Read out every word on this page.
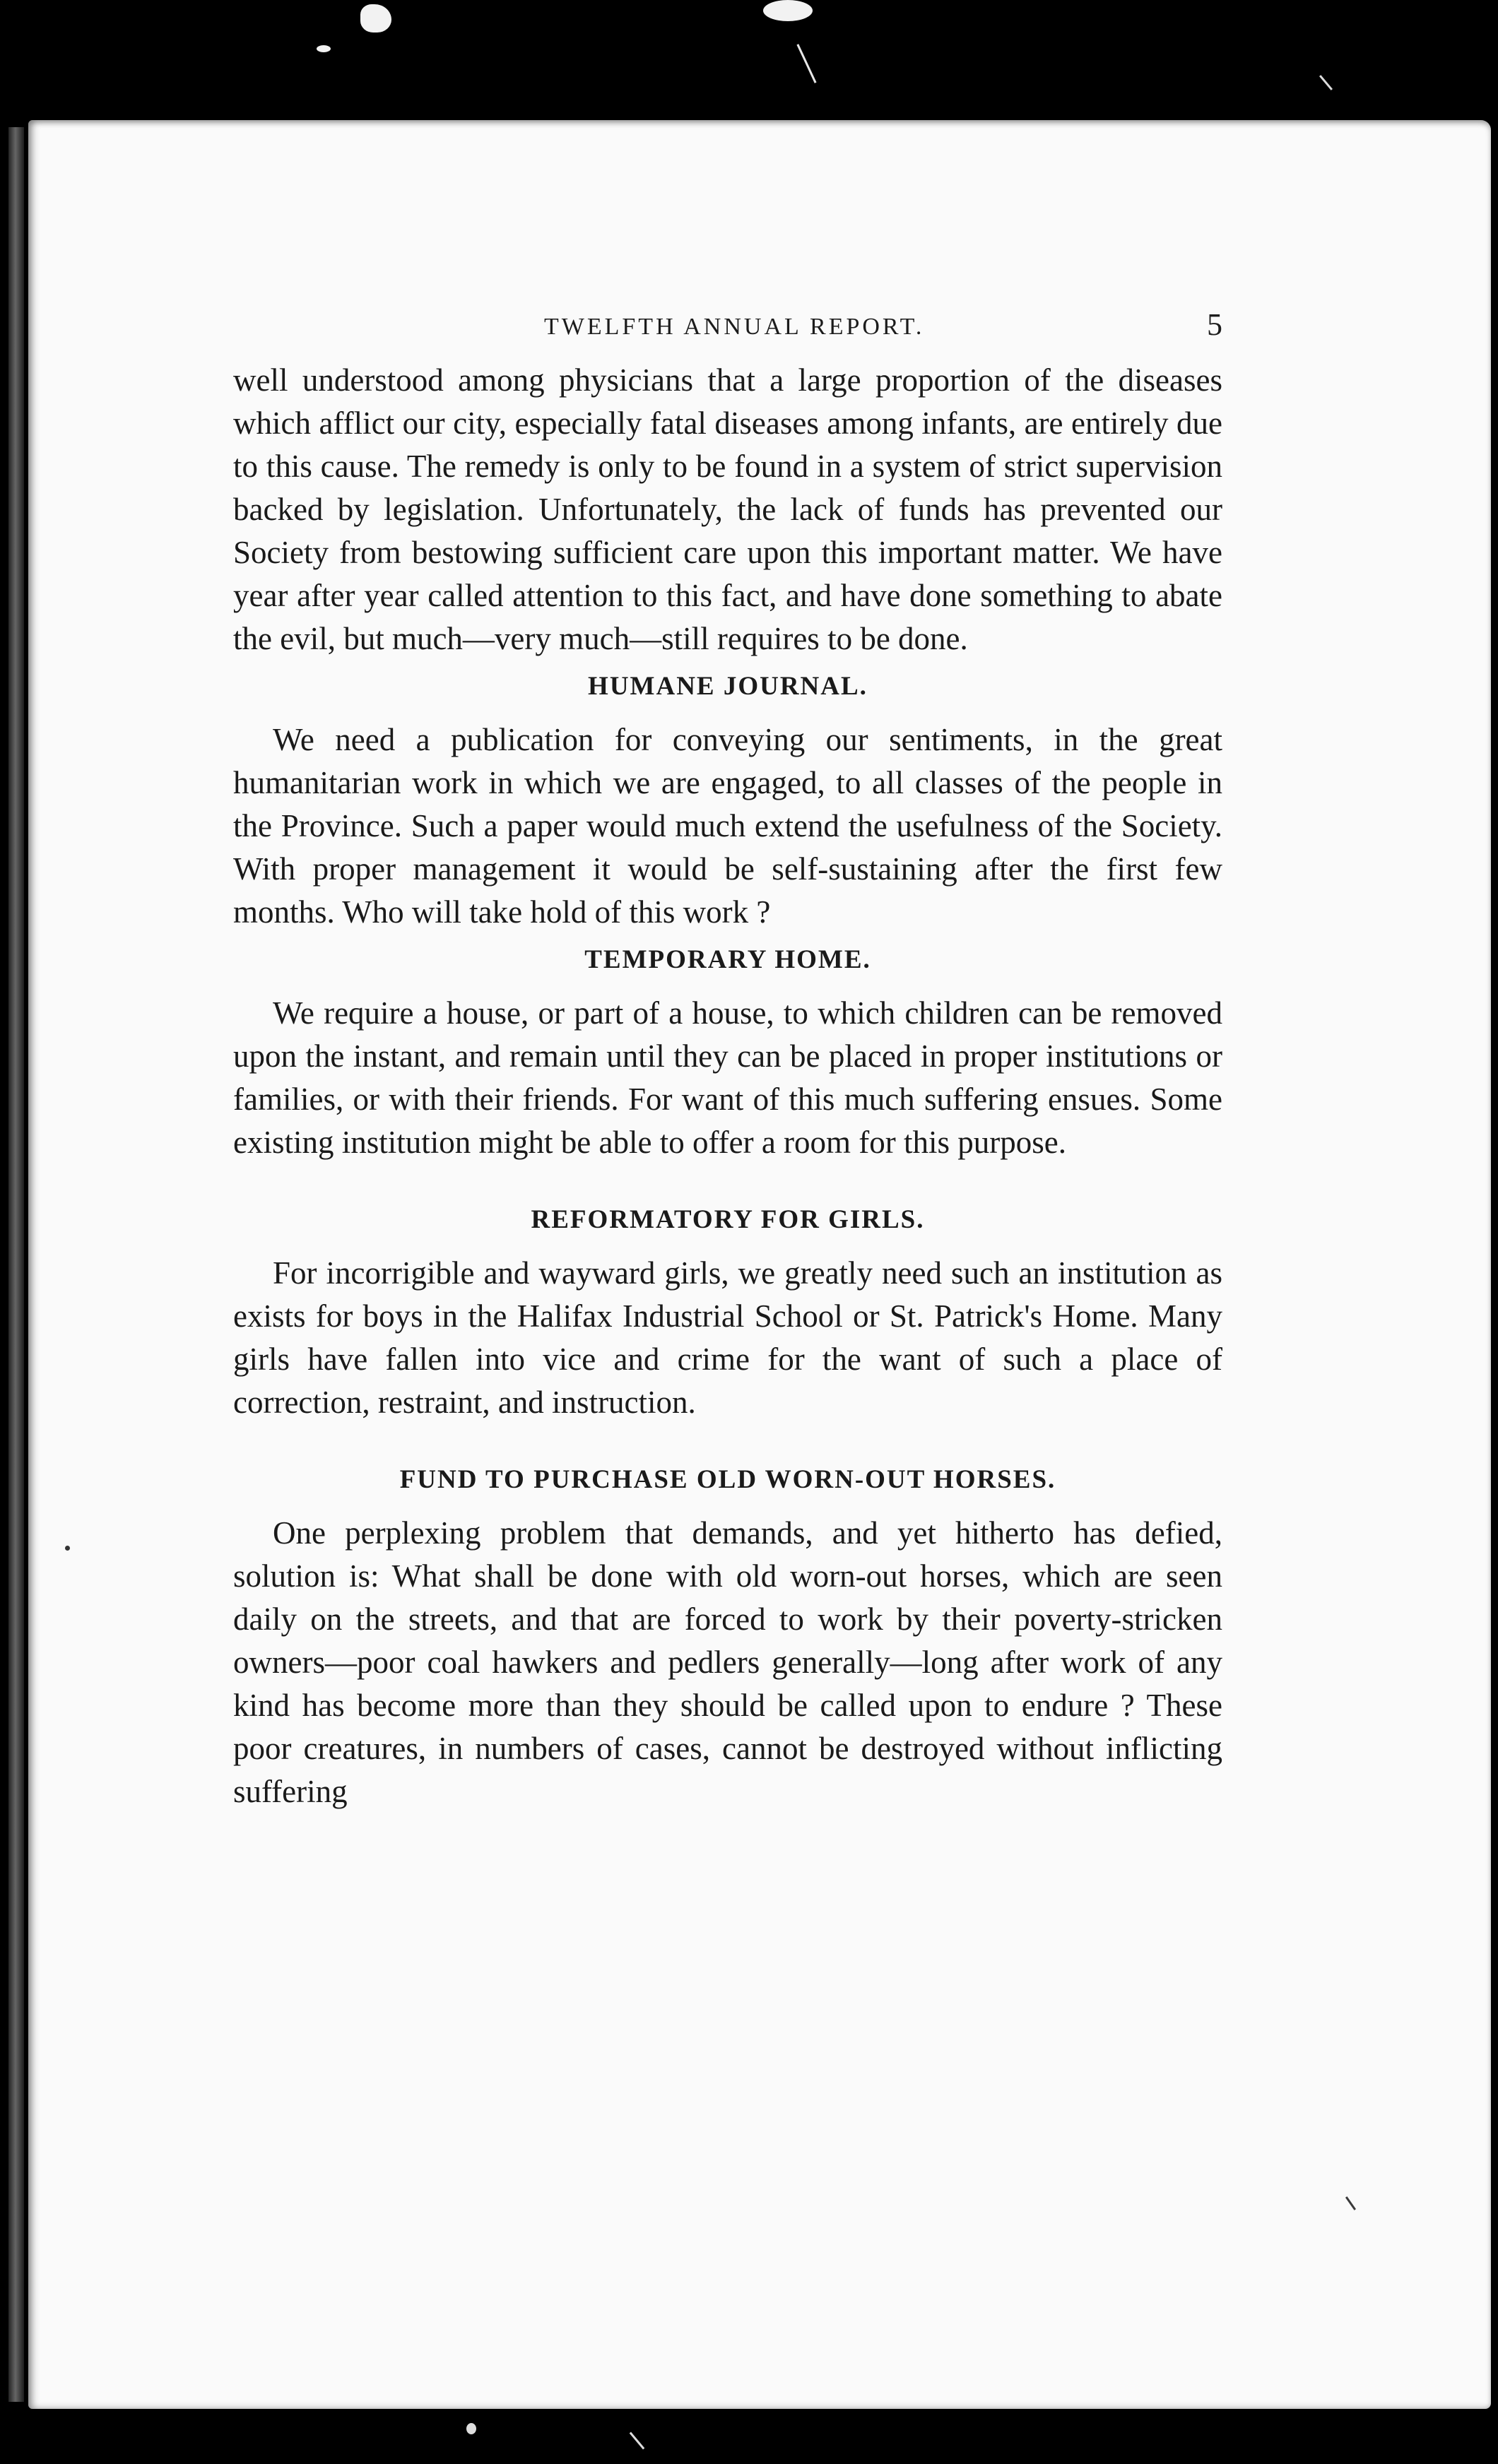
TWELFTH ANNUAL REPORT.	5

well understood among physicians that a large proportion of the diseases which afflict our city, especially fatal diseases among infants, are entirely due to this cause. The remedy is only to be found in a system of strict supervision backed by legislation. Unfortunately, the lack of funds has prevented our Society from bestowing sufficient care upon this important matter. We have year after year called attention to this fact, and have done something to abate the evil, but much—very much—still requires to be done.

HUMANE JOURNAL.

We need a publication for conveying our sentiments, in the great humanitarian work in which we are engaged, to all classes of the people in the Province. Such a paper would much extend the usefulness of the Society. With proper management it would be self-sustaining after the first few months. Who will take hold of this work ?

TEMPORARY HOME.

We require a house, or part of a house, to which children can be removed upon the instant, and remain until they can be placed in proper institutions or families, or with their friends. For want of this much suffering ensues. Some existing institution might be able to offer a room for this purpose.

REFORMATORY FOR GIRLS.

For incorrigible and wayward girls, we greatly need such an institution as exists for boys in the Halifax Industrial School or St. Patrick's Home. Many girls have fallen into vice and crime for the want of such a place of correction, restraint, and instruction.

FUND TO PURCHASE OLD WORN-OUT HORSES.

One perplexing problem that demands, and yet hitherto has defied, solution is: What shall be done with old worn-out horses, which are seen daily on the streets, and that are forced to work by their poverty-stricken owners—poor coal hawkers and pedlers generally—long after work of any kind has become more than they should be called upon to endure ? These poor creatures, in numbers of cases, cannot be destroyed without inflicting suffering
